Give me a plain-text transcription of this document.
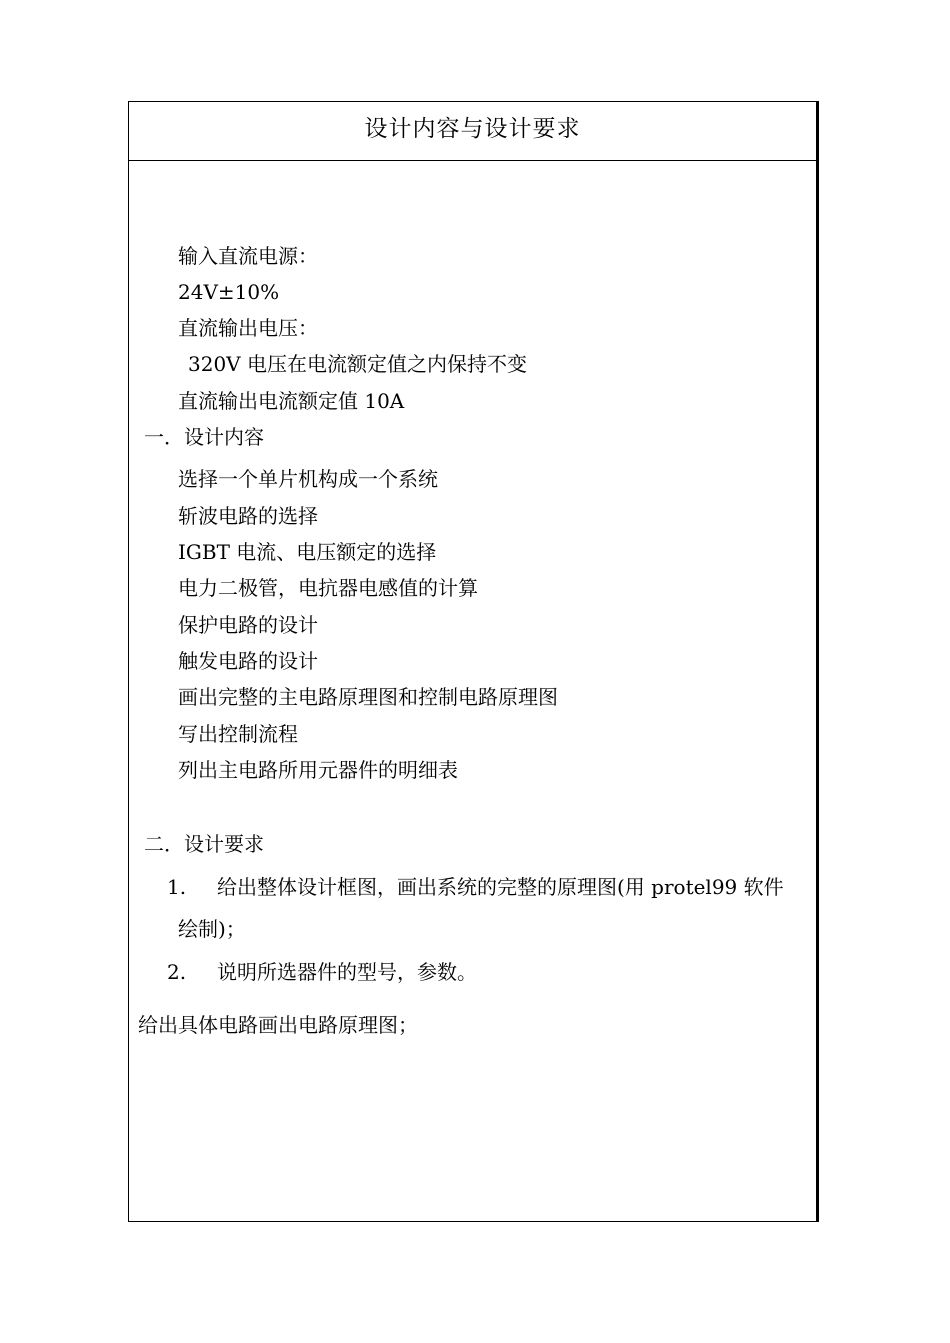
设计内容与设计要求
输入直流电源：
24V±10%
直流输出电压：
320V 电压在电流额定值之内保持不变
直流输出电流额定值 10A
一．设计内容
选择一个单片机构成一个系统
斩波电路的选择
IGBT 电流、电压额定的选择
电力二极管，电抗器电感值的计算
保护电路的设计
触发电路的设计
画出完整的主电路原理图和控制电路原理图
写出控制流程
列出主电路所用元器件的明细表
二．设计要求
1. 给出整体设计框图，画出系统的完整的原理图(用 protel99 软件
绘制)；
2. 说明所选器件的型号，参数。
给出具体电路画出电路原理图；
